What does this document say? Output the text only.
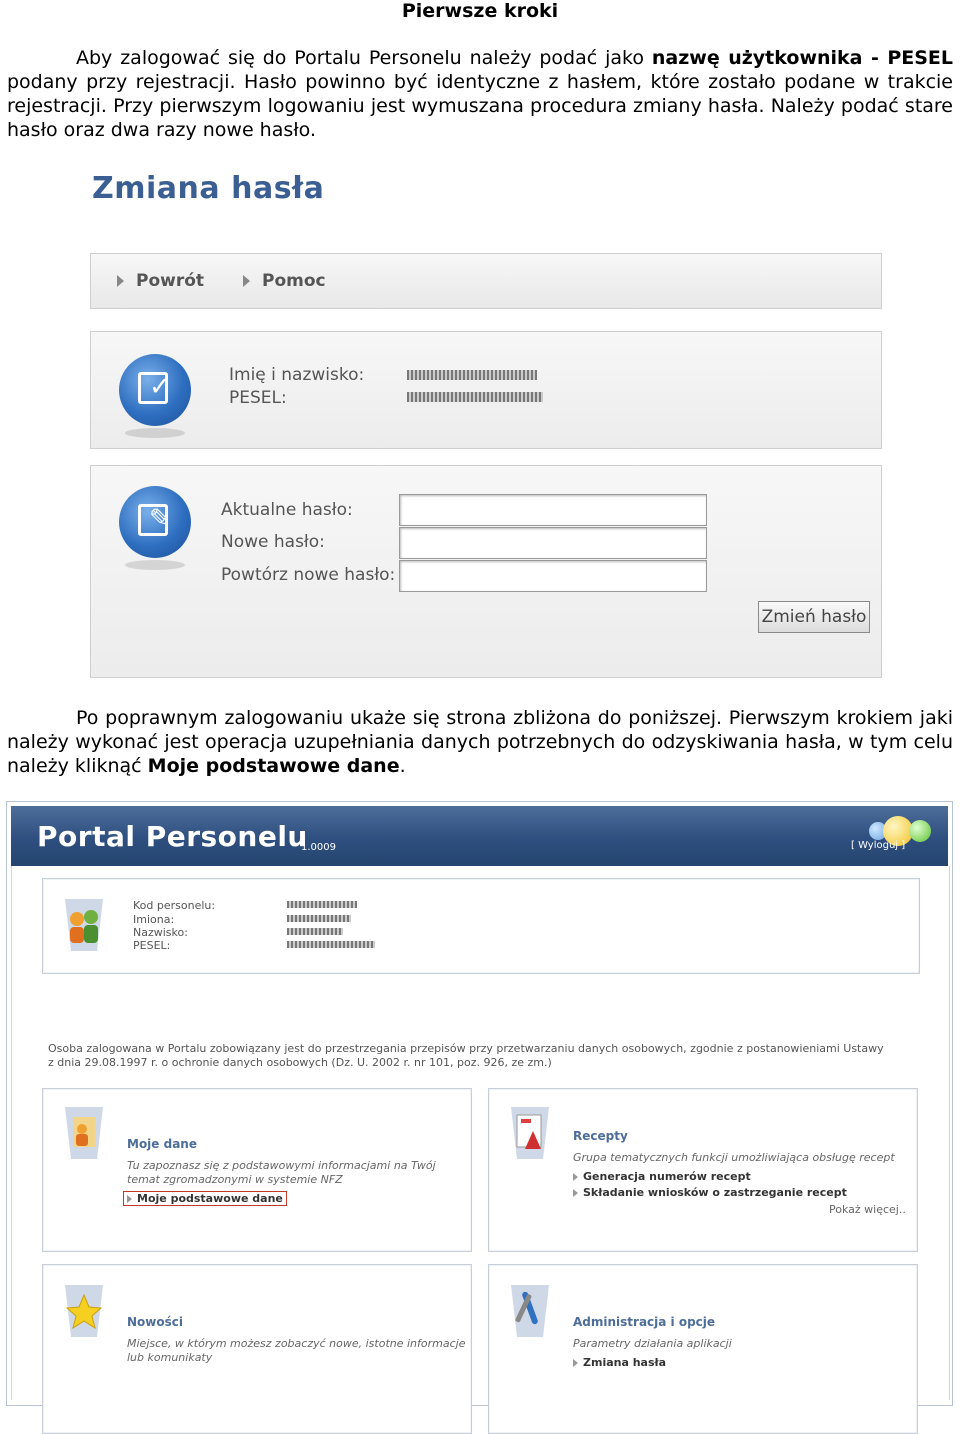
Pierwsze kroki
Aby zalogować się do Portalu Personelu należy podać jako nazwę użytkownika - PESEL podany przy rejestracji. Hasło powinno być identyczne z hasłem, które zostało podane w trakcie rejestracji. Przy pierwszym logowaniu jest wymuszana procedura zmiany hasła. Należy podać stare hasło oraz dwa razy nowe hasło.
Zmiana hasła
Powrót	Pomoc
✓	Imię i nazwisko:
PESEL:
✎	Aktualne hasło:
Nowe hasło:
Powtórz nowe hasło:
Zmień hasło
Po poprawnym zalogowaniu ukaże się strona zbliżona do poniższej. Pierwszym krokiem jaki należy wykonać jest operacja uzupełniania danych potrzebnych do odzyskiwania hasła, w tym celu należy kliknąć Moje podstawowe dane.
Portal Personelu
1.0009	[ Wyloguj ]
Kod personelu:
Imiona:
Nazwisko:
PESEL:
Osoba zalogowana w Portalu zobowiązany jest do przestrzegania przepisów przy przetwarzaniu danych osobowych, zgodnie z postanowieniami Ustawy z dnia 29.08.1997 r. o ochronie danych osobowych (Dz. U. 2002 r. nr 101, poz. 926, ze zm.)
Moje dane
Tu zapoznasz się z podstawowymi informacjami na Twój temat zgromadzonymi w systemie NFZ
Moje podstawowe dane
Recepty
Grupa tematycznych funkcji umożliwiająca obsługę recept
Generacja numerów recept
Składanie wniosków o zastrzeganie recept
Pokaż więcej..
Nowości
Miejsce, w którym możesz zobaczyć nowe, istotne informacje lub komunikaty
Administracja i opcje
Parametry działania aplikacji
Zmiana hasła
